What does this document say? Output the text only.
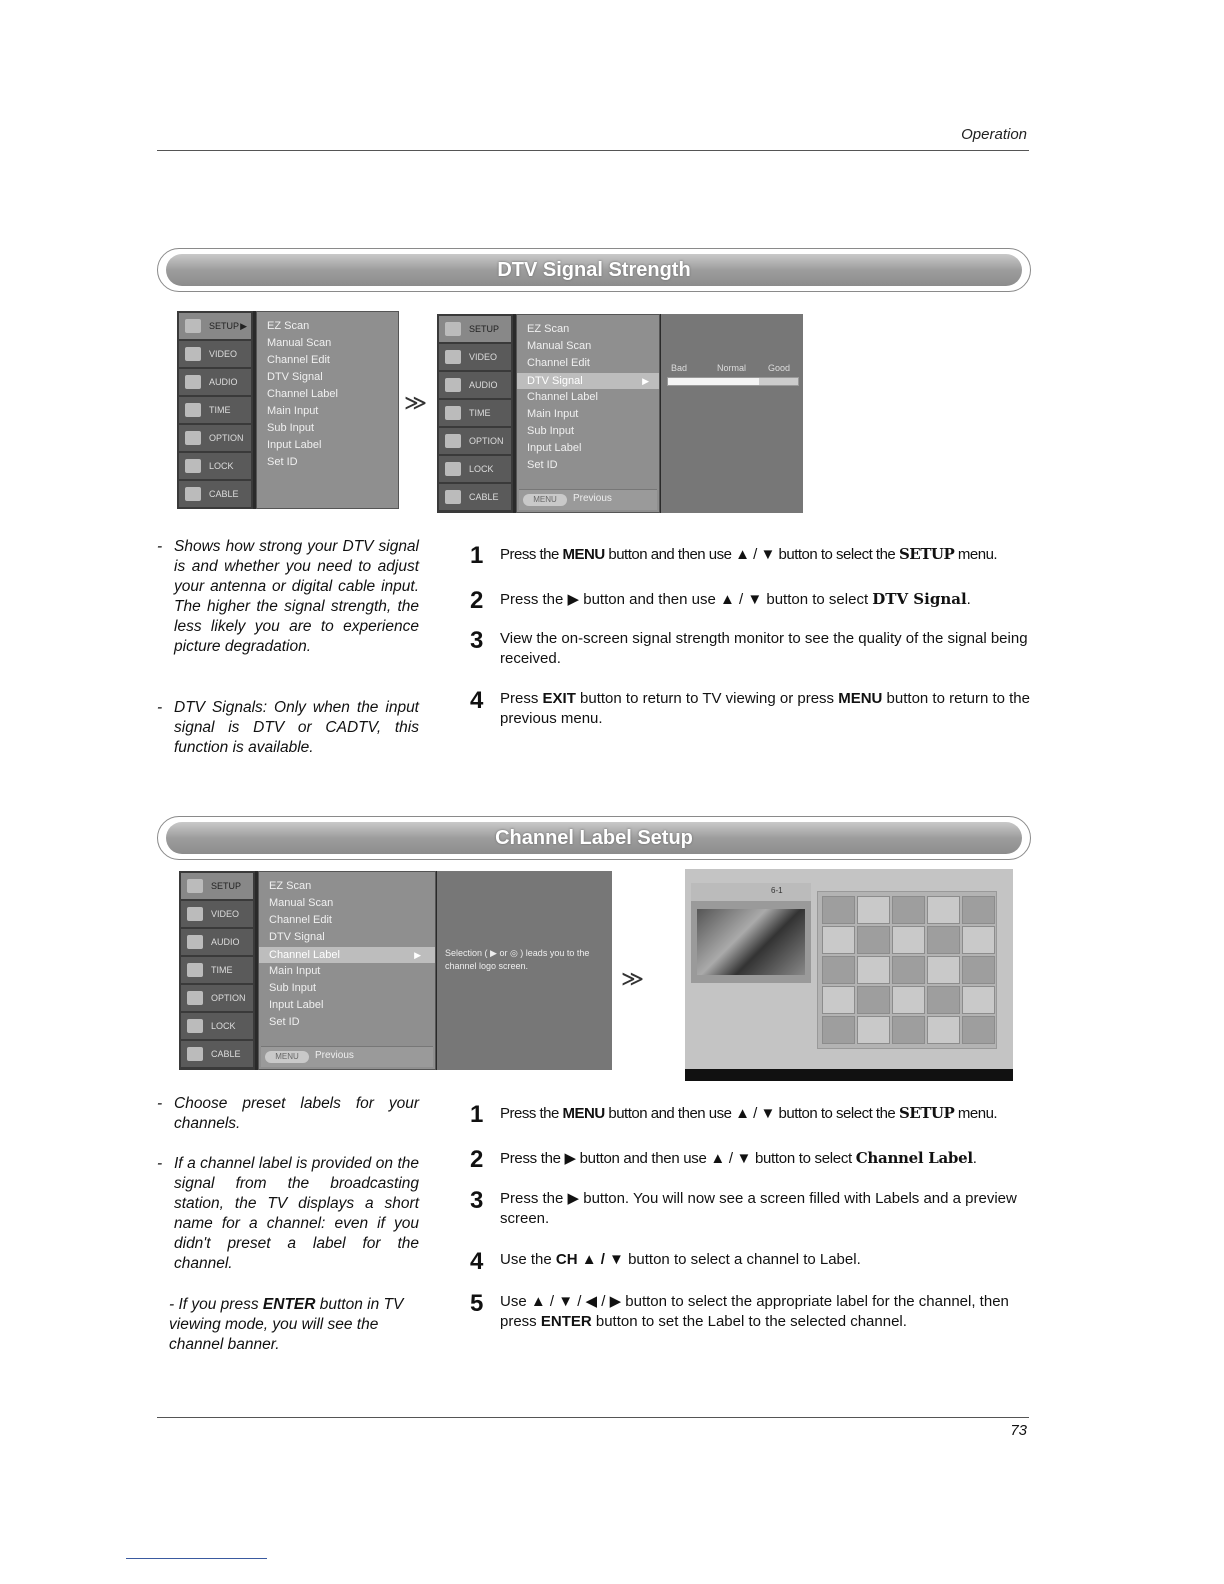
Operation
DTV Signal Strength
SETUP ▶
VIDEO
AUDIO
TIME
OPTION
LOCK
CABLE
EZ Scan
Manual Scan
Channel Edit
DTV Signal
Channel Label
Main Input
Sub Input
Input Label
Set ID
≫
SETUP
VIDEO
AUDIO
TIME
OPTION
LOCK
CABLE
EZ Scan
Manual Scan
Channel Edit
DTV Signal	▶
Channel Label
Main Input
Sub Input
Input Label
Set ID
MENU	Previous
Bad	Normal Good
- Shows how strong your DTV signal is and whether you need to adjust your antenna or digital cable input. The higher the signal strength, the less likely you are to experience picture degradation.
- DTV Signals: Only when the input signal is DTV or CADTV, this function is available.
1 Press the MENU button and then use ▲ / ▼ button to select the SETUP menu.
2 Press the ▶ button and then use ▲ / ▼ button to select DTV Signal.
3 View the on-screen signal strength monitor to see the quality of the signal being received.
4 Press EXIT button to return to TV viewing or press MENU button to return to the previous menu.
Channel Label Setup
SETUP
VIDEO
AUDIO
TIME
OPTION
LOCK
CABLE
EZ Scan
Manual Scan
Channel Edit
DTV Signal
Channel Label	▶
Main Input
Sub Input
Input Label
Set ID
MENU	Previous
Selection ( ▶ or ◎ ) leads you to the channel logo screen.	≫
6-1
- Choose preset labels for your channels.
- If a channel label is provided on the signal from the broadcasting station, the TV displays a short name for a channel: even if you didn't preset a label for the channel.
- If you press ENTER button in TV viewing mode, you will see the channel banner.
1 Press the MENU button and then use ▲ / ▼ button to select the SETUP menu.
2 Press the ▶ button and then use ▲ / ▼ button to select Channel Label.
3 Press the ▶ button. You will now see a screen filled with Labels and a preview screen.
4 Use the CH ▲ / ▼ button to select a channel to Label.
5 Use ▲ / ▼ / ◀ / ▶ button to select the appropriate label for the channel, then press ENTER button to set the Label to the selected channel.
73
